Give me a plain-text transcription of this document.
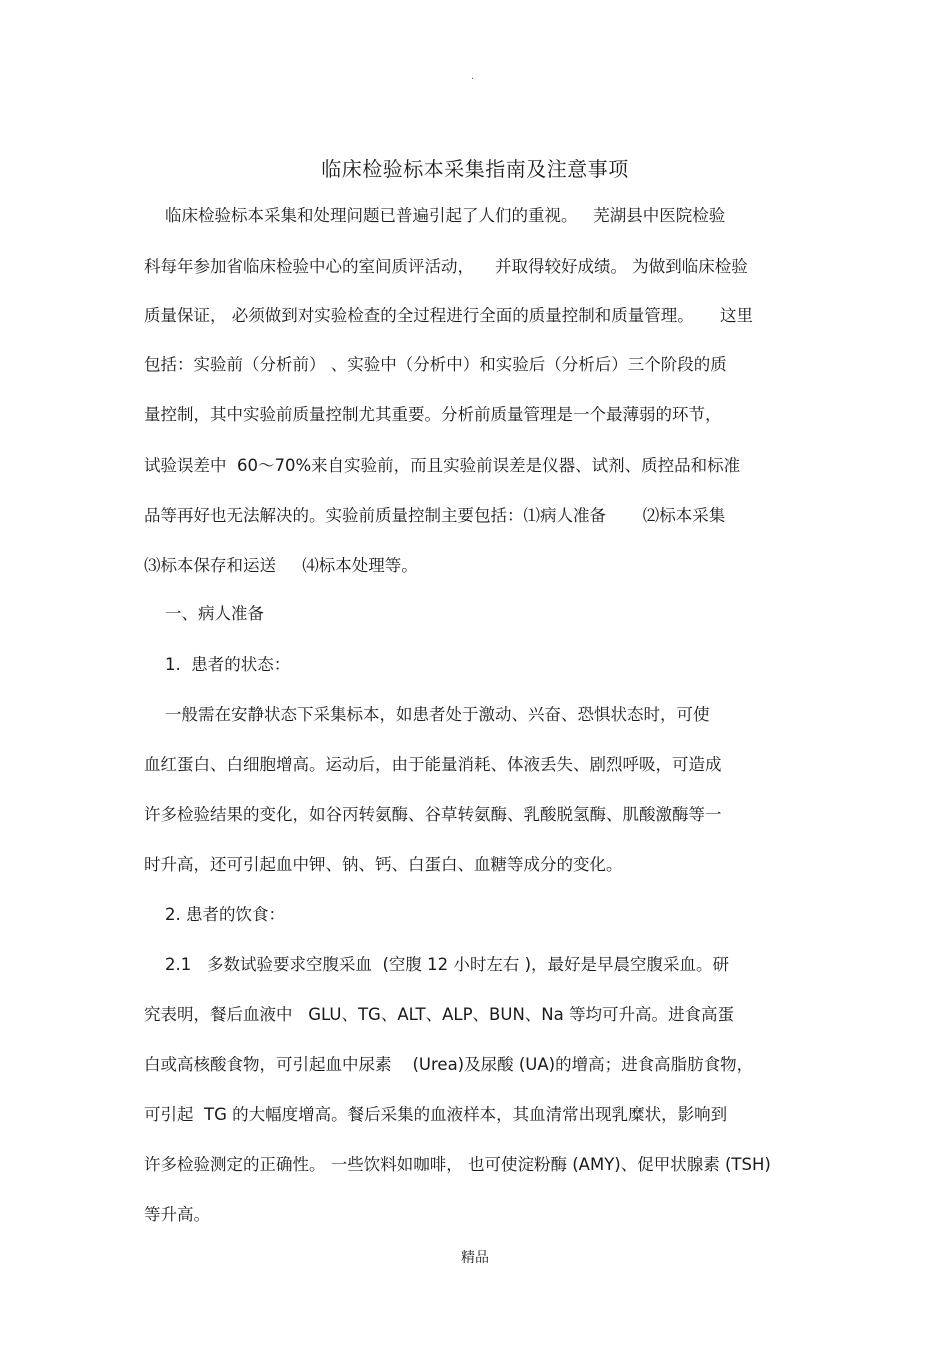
·
临床检验标本采集指南及注意事项
临床检验标本采集和处理问题已普遍引起了人们的重视。   芜湖县中医院检验
科每年参加省临床检验中心的室间质评活动，    并取得较好成绩。 为做到临床检验
质量保证， 必须做到对实验检查的全过程进行全面的质量控制和质量管理。     这里
包括：实验前（分析前） 、实验中（分析中）和实验后（分析后）三个阶段的质
量控制，其中实验前质量控制尤其重要。分析前质量管理是一个最薄弱的环节，
试验误差中  60～70%来自实验前，而且实验前误差是仪器、试剂、质控品和标准
品等再好也无法解决的。实验前质量控制主要包括：⑴病人准备       ⑵标本采集
⑶标本保存和运送     ⑷标本处理等。
一、病人准备
1.  患者的状态：
一般需在安静状态下采集标本，如患者处于激动、兴奋、恐惧状态时，可使
血红蛋白、白细胞增高。运动后，由于能量消耗、体液丢失、剧烈呼吸，可造成
许多检验结果的变化，如谷丙转氨酶、谷草转氨酶、乳酸脱氢酶、肌酸激酶等一
时升高，还可引起血中钾、钠、钙、白蛋白、血糖等成分的变化。
2. 患者的饮食：
2.1   多数试验要求空腹采血  (空腹 12 小时左右 )，最好是早晨空腹采血。研
究表明，餐后血液中   GLU、TG、ALT、ALP、BUN、Na 等均可升高。进食高蛋
白或高核酸食物，可引起血中尿素    (Urea)及尿酸 (UA)的增高；进食高脂肪食物，
可引起  TG 的大幅度增高。餐后采集的血液样本，其血清常出现乳糜状，影响到
许多检验测定的正确性。 一些饮料如咖啡， 也可使淀粉酶 (AMY)、促甲状腺素 (TSH)
等升高。
精品
